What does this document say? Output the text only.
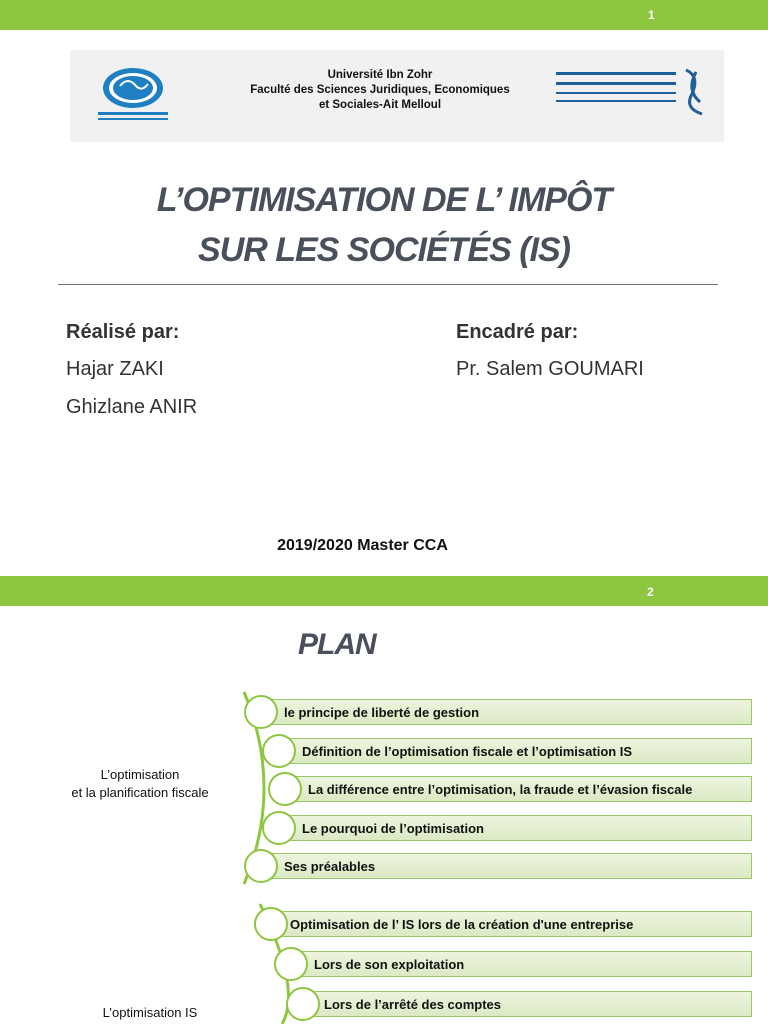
1
Université Ibn Zohr
Faculté des Sciences Juridiques, Economiques
et Sociales-Ait Melloul
L’OPTIMISATION DE L’ IMPÔT
SUR LES SOCIÉTÉS (IS)
Réalisé par:
Hajar ZAKI
Ghizlane ANIR
Encadré par:
Pr. Salem GOUMARI
2019/2020 Master CCA
2
PLAN
L’optimisation
et la planification fiscale
le principe de liberté de gestion
Définition de l’optimisation fiscale et l’optimisation IS
La différence entre l’optimisation, la fraude et l’évasion fiscale
Le pourquoi de l’optimisation
Ses préalables
L’optimisation IS
Optimisation de l’ IS lors de la création d'une entreprise
Lors de son exploitation
Lors de l’arrêté des comptes
